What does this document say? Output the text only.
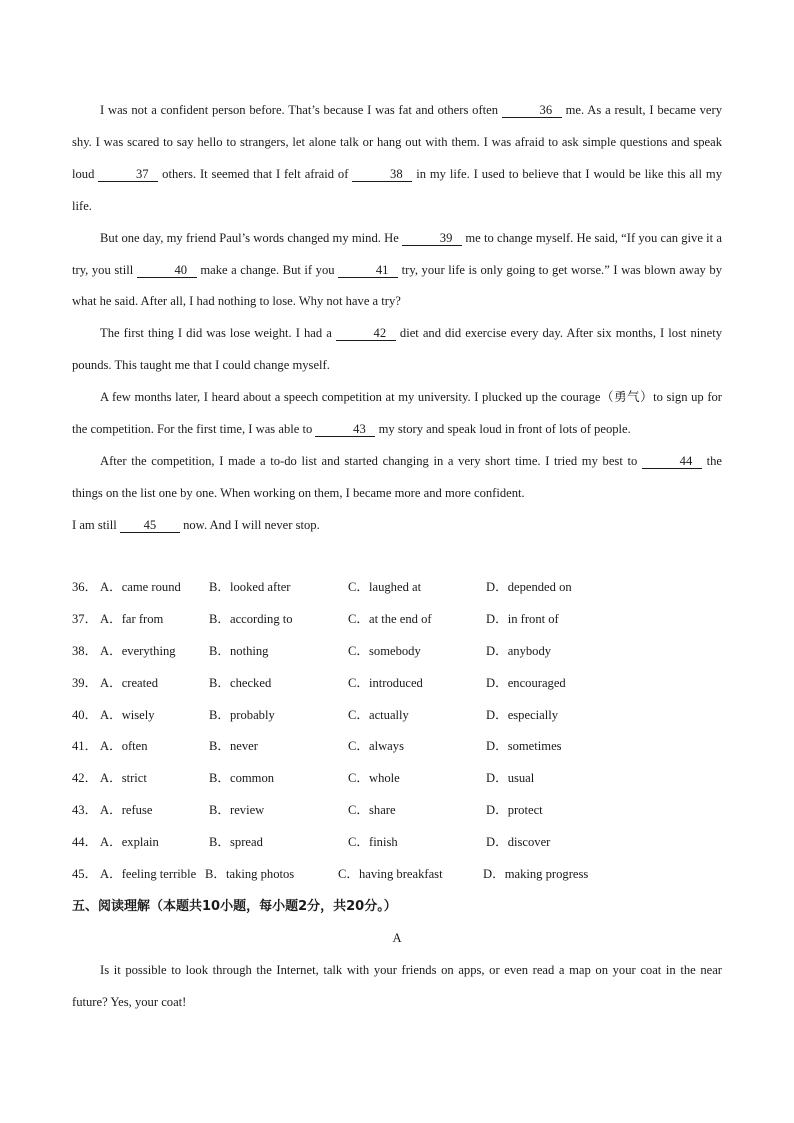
I was not a confident person before. That’s because I was fat and others often	36 me. As a result, I became very shy. I was scared to say hello to strangers, let alone talk or hang out with them. I was afraid to ask simple questions and speak loud	37 others. It seemed that I felt afraid of	38 in my life. I used to believe that I would be like this all my life.

But one day, my friend Paul’s words changed my mind. He	39 me to change myself. He said, “If you can give it a try, you still	40 make a change. But if you	41 try, your life is only going to get worse.” I was blown away by what he said. After all, I had nothing to lose. Why not have a try?

The first thing I did was lose weight. I had a	42 diet and did exercise every day. After six months, I lost ninety pounds. This taught me that I could change myself.

A few months later, I heard about a speech competition at my university. I plucked up the courage（勇气）to sign up for the competition. For the first time, I was able to	43 my story and speak loud in front of lots of people.

After the competition, I made a to-do list and started changing in a very short time. I tried my best to	44 the things on the list one by one. When working on them, I became more and more confident.

I am still 45 now. And I will never stop.

36． A．came round B．looked after	C．laughed at	D．depended on
37． A．far from	B．according to	C．at the end of	D．in front of
38． A．everything	B．nothing	C．somebody	D．anybody
39． A．created	B．checked	C．introduced	D．encouraged
40． A．wisely	B．probably	C．actually	D．especially
41． A．often	B．never	C．always	D．sometimes
42． A．strict	B．common	C．whole	D．usual
43． A．refuse	B．review	C．share	D．protect
44． A．explain	B．spread	C．finish	D．discover
45． A．feeling terrible B．taking photos	C．having breakfast	D．making progress
五、阅读理解（本题共10小题，每小题2分，共20分。）
A

Is it possible to look through the Internet, talk with your friends on apps, or even read a map on your coat in the near future? Yes, your coat!
